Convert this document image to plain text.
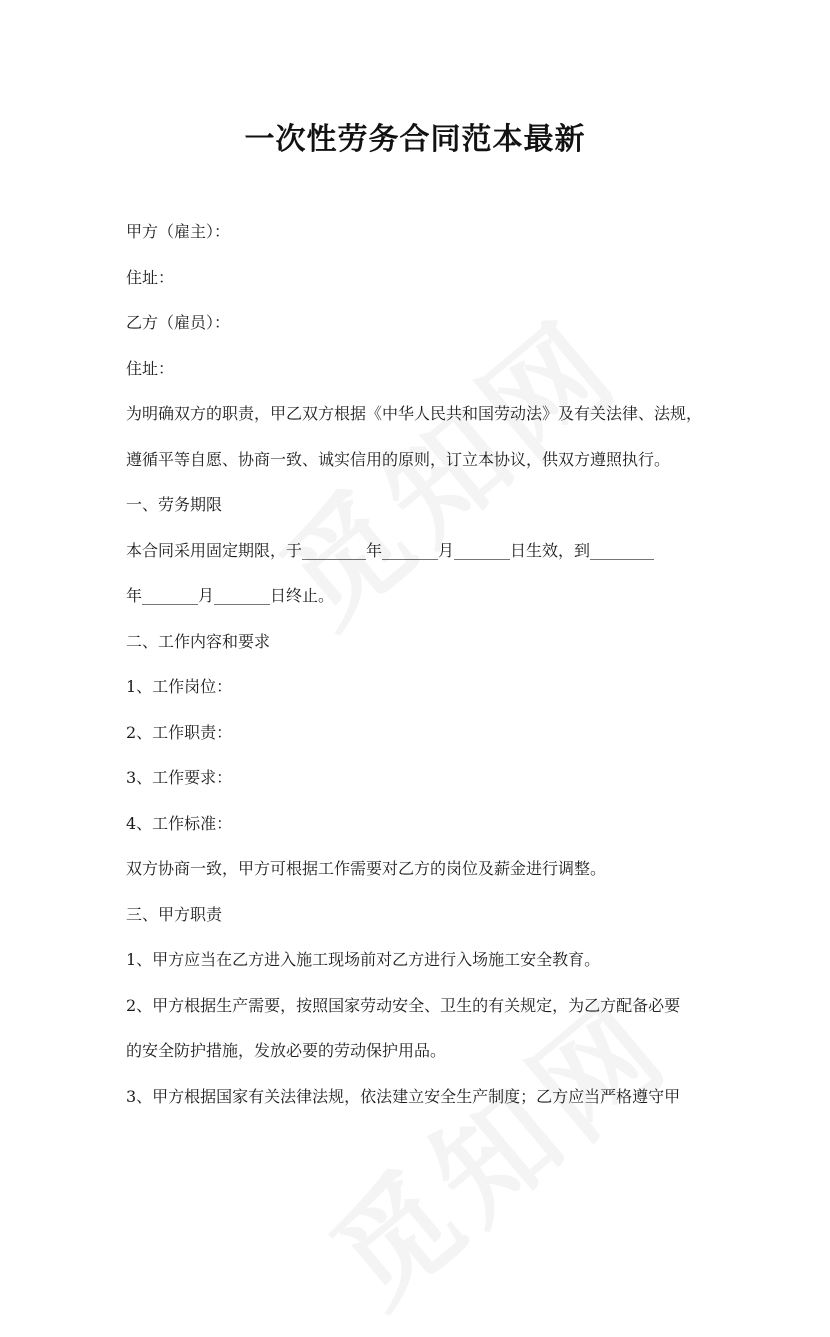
一次性劳务合同范本最新
甲方（雇主）：
住址：
乙方（雇员）：
住址：
为明确双方的职责，甲乙双方根据《中华人民共和国劳动法》及有关法律、法规，
遵循平等自愿、协商一致、诚实信用的原则，订立本协议，供双方遵照执行。
一、劳务期限
本合同采用固定期限，于________年_______月_______日生效，到________
年_______月_______日终止。
二、工作内容和要求
1、工作岗位：
2、工作职责：
3、工作要求：
4、工作标准：
双方协商一致，甲方可根据工作需要对乙方的岗位及薪金进行调整。
三、甲方职责
1、甲方应当在乙方进入施工现场前对乙方进行入场施工安全教育。
2、甲方根据生产需要，按照国家劳动安全、卫生的有关规定，为乙方配备必要
的安全防护措施，发放必要的劳动保护用品。
3、甲方根据国家有关法律法规，依法建立安全生产制度；乙方应当严格遵守甲
